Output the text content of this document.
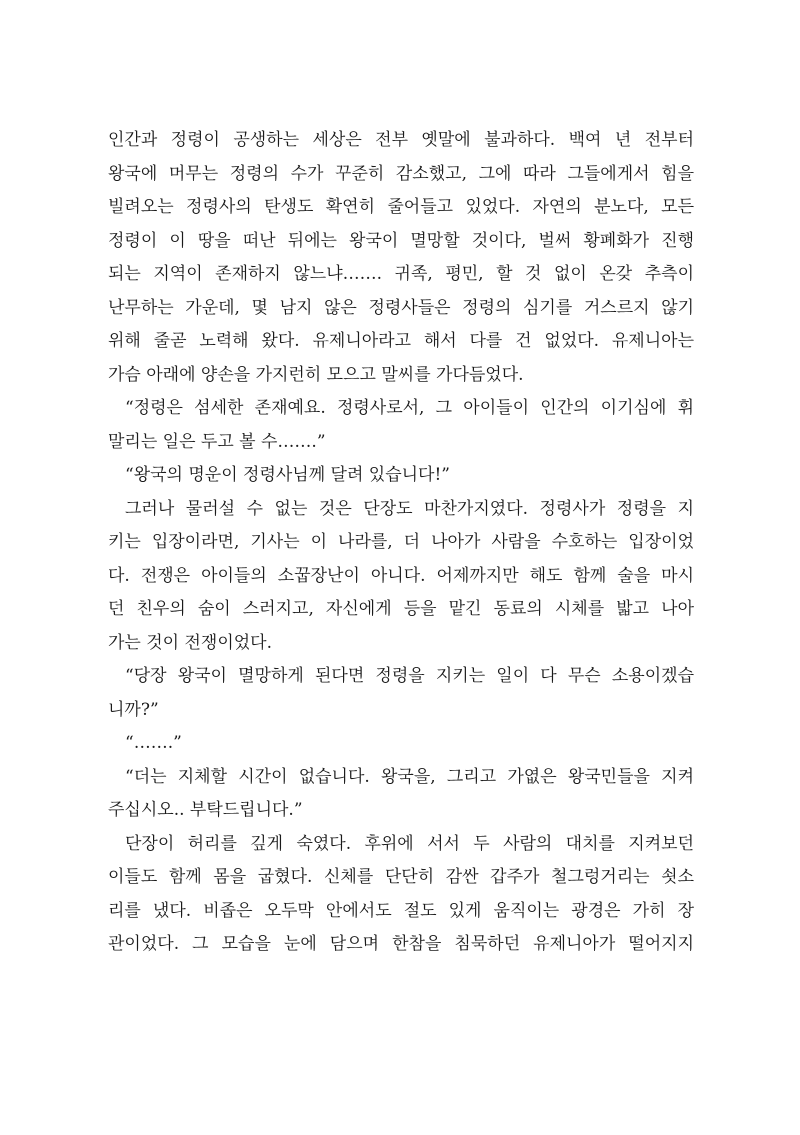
인간과 정령이 공생하는 세상은 전부 옛말에 불과하다. 백여 년 전부터
왕국에 머무는 정령의 수가 꾸준히 감소했고, 그에 따라 그들에게서 힘을
빌려오는 정령사의 탄생도 확연히 줄어들고 있었다. 자연의 분노다, 모든
정령이 이 땅을 떠난 뒤에는 왕국이 멸망할 것이다, 벌써 황폐화가 진행
되는 지역이 존재하지 않느냐……. 귀족, 평민, 할 것 없이 온갖 추측이
난무하는 가운데, 몇 남지 않은 정령사들은 정령의 심기를 거스르지 않기
위해 줄곧 노력해 왔다. 유제니아라고 해서 다를 건 없었다. 유제니아는
가슴 아래에 양손을 가지런히 모으고 말씨를 가다듬었다.
“정령은 섬세한 존재예요. 정령사로서, 그 아이들이 인간의 이기심에 휘
말리는 일은 두고 볼 수…….”
“왕국의 명운이 정령사님께 달려 있습니다!”
그러나 물러설 수 없는 것은 단장도 마찬가지였다. 정령사가 정령을 지
키는 입장이라면, 기사는 이 나라를, 더 나아가 사람을 수호하는 입장이었
다. 전쟁은 아이들의 소꿉장난이 아니다. 어제까지만 해도 함께 술을 마시
던 친우의 숨이 스러지고, 자신에게 등을 맡긴 동료의 시체를 밟고 나아
가는 것이 전쟁이었다.
“당장 왕국이 멸망하게 된다면 정령을 지키는 일이 다 무슨 소용이겠습
니까?”
“…….”
“더는 지체할 시간이 없습니다. 왕국을, 그리고 가엾은 왕국민들을 지켜
주십시오.. 부탁드립니다.”
단장이 허리를 깊게 숙였다. 후위에 서서 두 사람의 대치를 지켜보던
이들도 함께 몸을 굽혔다. 신체를 단단히 감싼 갑주가 철그렁거리는 쇳소
리를 냈다. 비좁은 오두막 안에서도 절도 있게 움직이는 광경은 가히 장
관이었다. 그 모습을 눈에 담으며 한참을 침묵하던 유제니아가 떨어지지
